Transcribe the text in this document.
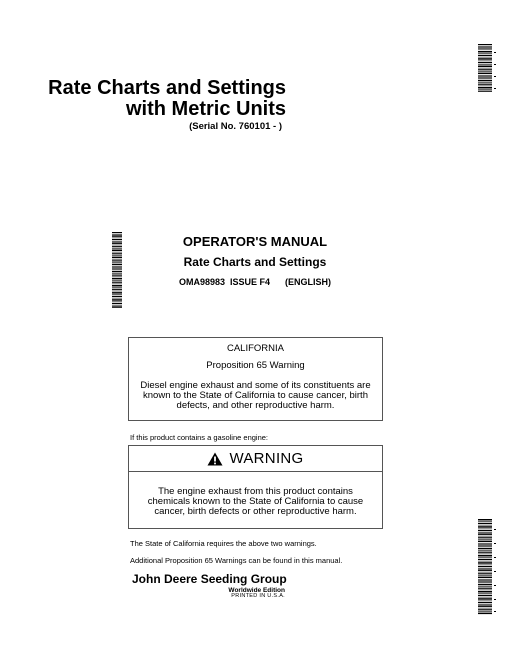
Rate Charts and Settings
with Metric Units
(Serial No. 760101 - )
OPERATOR'S MANUAL
Rate Charts and Settings
OMA98983  ISSUE F4      (ENGLISH)
CALIFORNIA
Proposition 65 Warning
Diesel engine exhaust and some of its constituents are known to the State of California to cause cancer, birth defects, and other reproductive harm.
If this product contains a gasoline engine:
WARNING
The engine exhaust from this product contains chemicals known to the State of California to cause cancer, birth defects or other reproductive harm.
The State of California requires the above two warnings.
Additional Proposition 65 Warnings can be found in this manual.
John Deere Seeding Group
Worldwide Edition
PRINTED IN U.S.A.
